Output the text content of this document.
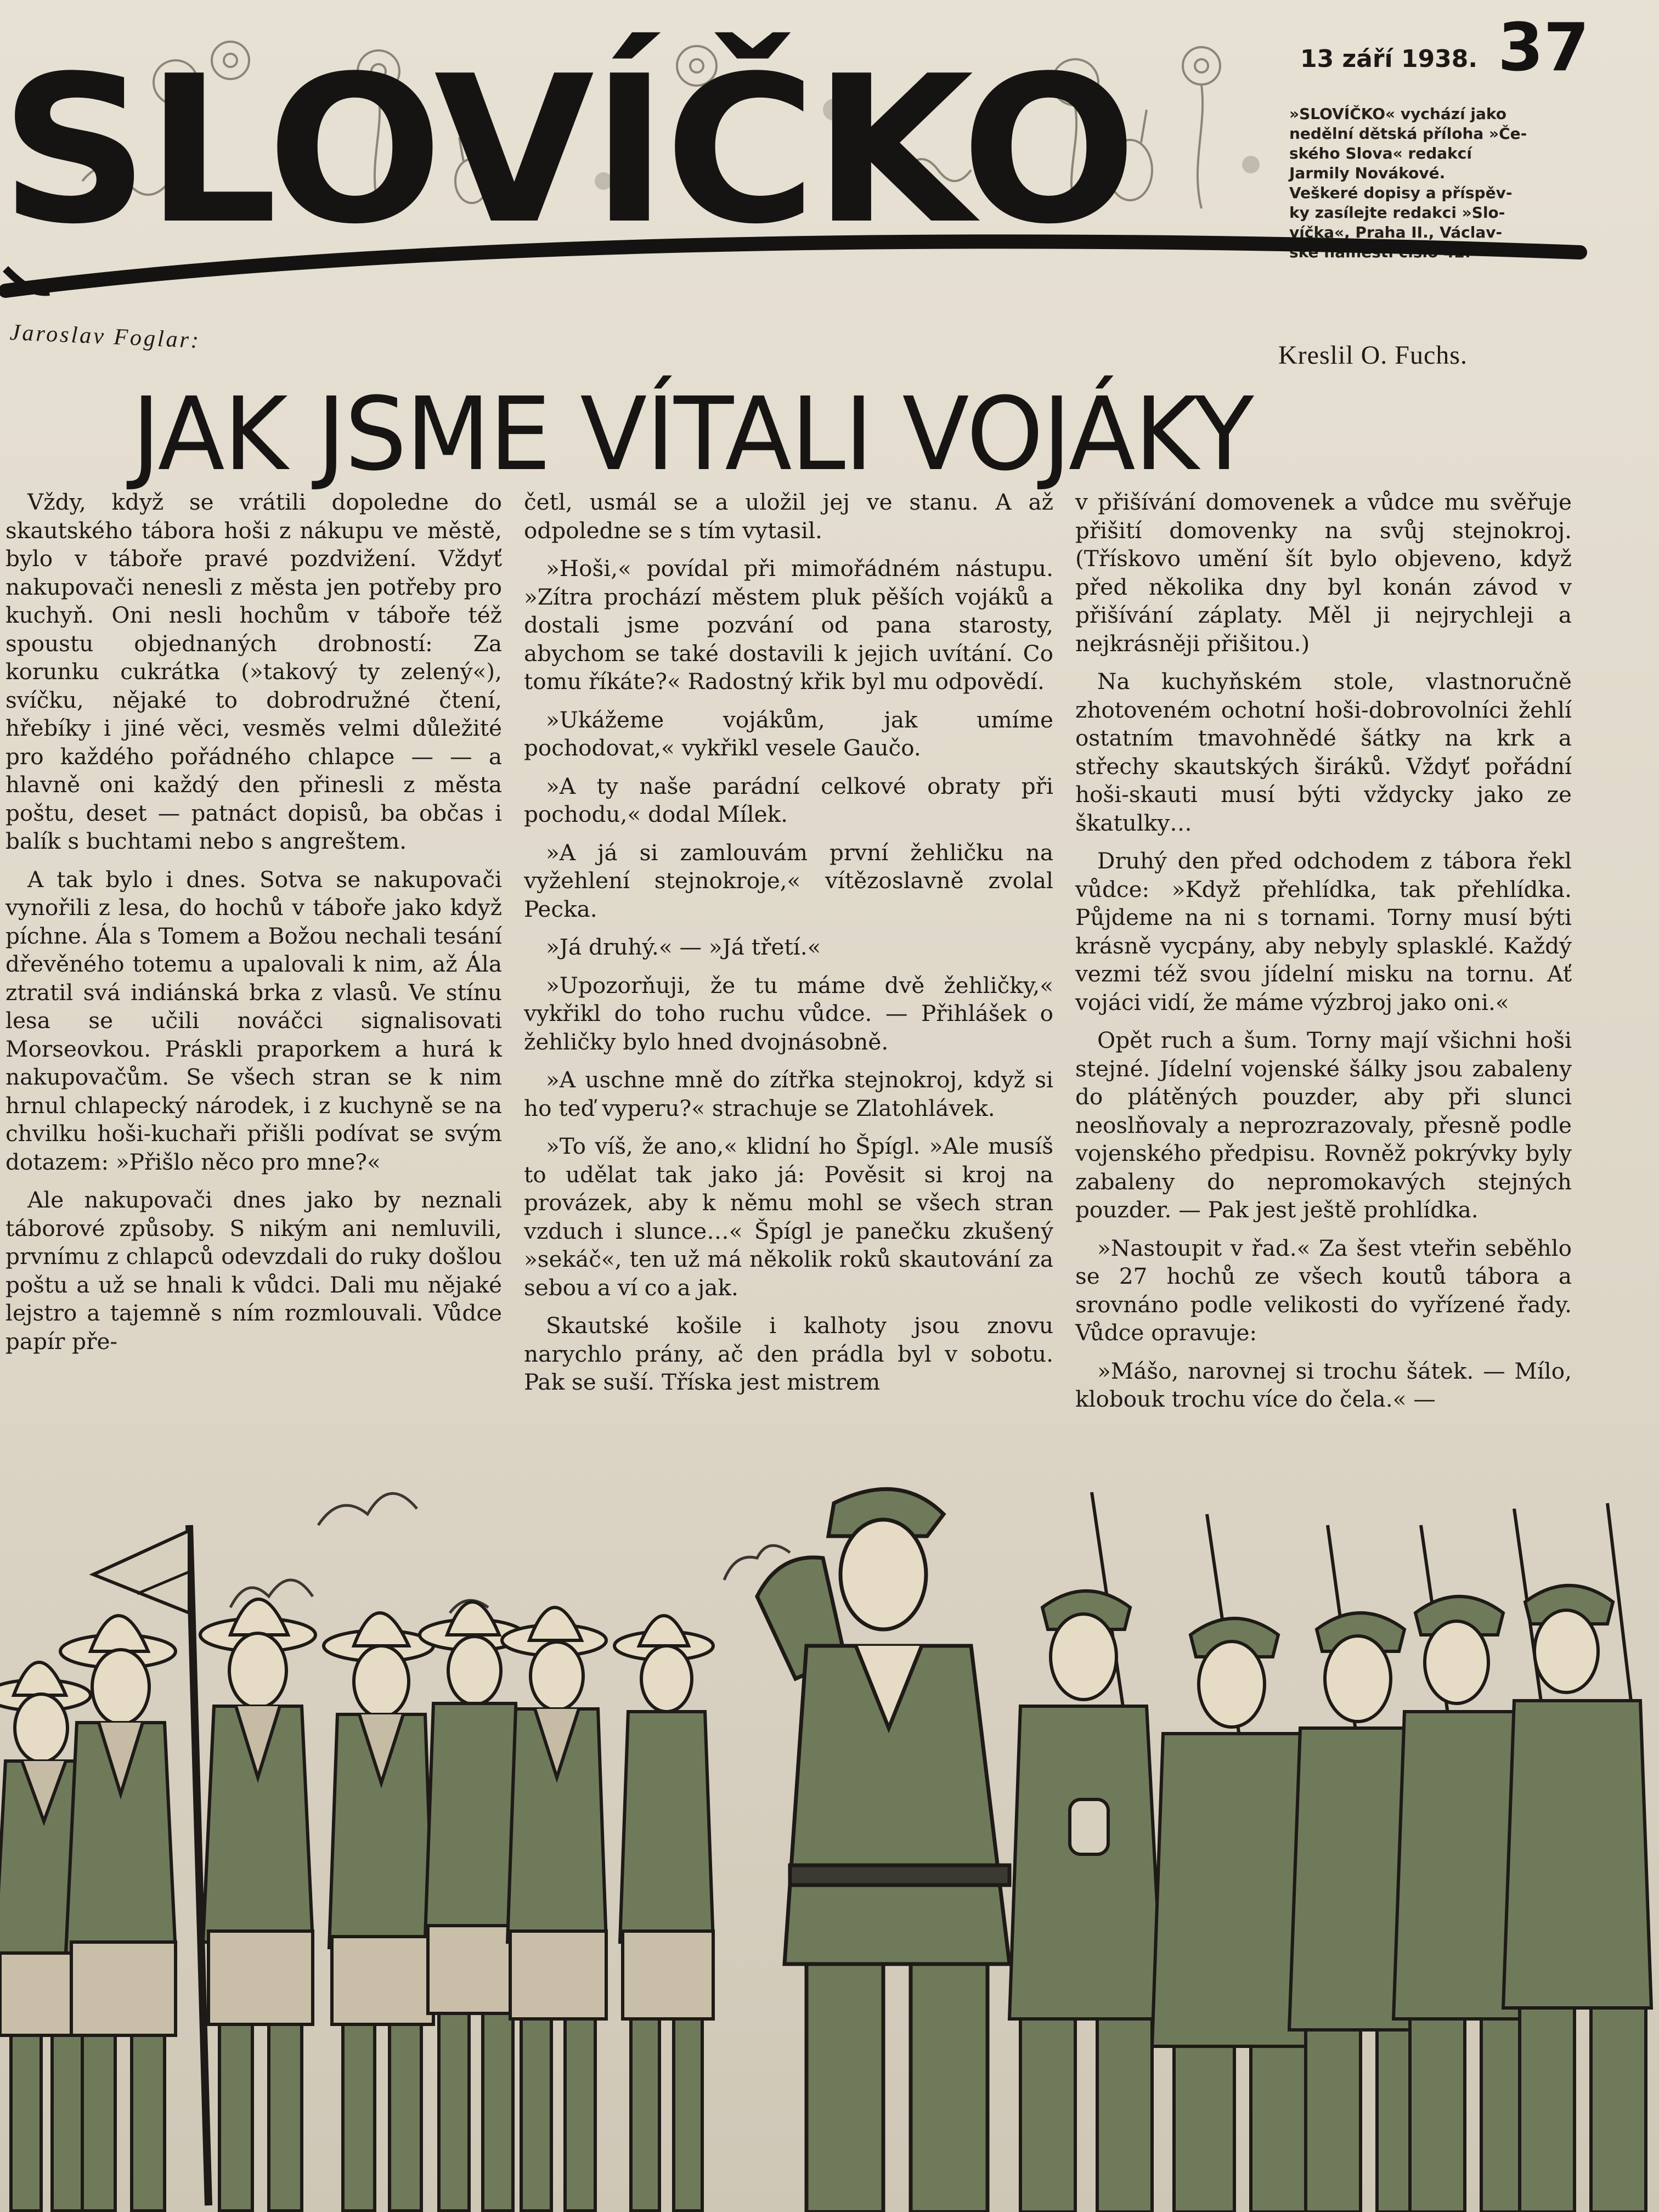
SLOVÍČKO	13 září 1938. 37

»SLOVÍČKO« vychází jako

nedělní dětská příloha »Če-

ského Slova« redakcí

Jarmily Novákové.

Veškeré dopisy a příspěv-

ky zasílejte redakci »Slo-

víčka«, Praha II., Václav-

ské náměstí číslo 42.

Jaroslav Foglar:
Kreslil O. Fuchs.
JAK JSME VÍTALI VOJÁKY

Vždy, když se vrátili dopoledne do skautského tábora hoši z nákupu ve městě, bylo v táboře pravé pozdvižení. Vždyť nakupovači nenesli z města jen potřeby pro kuchyň. Oni nesli hochům v táboře též spoustu objednaných drobností: Za korunku cukrátka (»takový ty zelený«), svíčku, nějaké to dobrodružné čtení, hřebíky i jiné věci, vesměs velmi důležité pro každého pořádného chlapce — — a hlavně oni každý den přinesli z města poštu, deset — patnáct dopisů, ba občas i balík s buchtami nebo s angreštem.

A tak bylo i dnes. Sotva se nakupovači vynořili z lesa, do hochů v táboře jako když píchne. Ála s Tomem a Božou nechali tesání dřevěného totemu a upalovali k nim, až Ála ztratil svá indiánská brka z vlasů. Ve stínu lesa se učili nováčci signalisovati Morseovkou. Práskli praporkem a hurá k nakupovačům. Se všech stran se k nim hrnul chlapecký národek, i z kuchyně se na chvilku hoši-kuchaři přišli podívat se svým dotazem: »Přišlo něco pro mne?«

Ale nakupovači dnes jako by neznali táborové způsoby. S nikým ani nemluvili, prvnímu z chlapců odevzdali do ruky došlou poštu a už se hnali k vůdci. Dali mu nějaké lejstro a tajemně s ním rozmlouvali. Vůdce papír pře-

četl, usmál se a uložil jej ve stanu. A až odpoledne se s tím vytasil.

»Hoši,« povídal při mimořádném nástupu. »Zítra prochází městem pluk pěších vojáků a dostali jsme pozvání od pana starosty, abychom se také dostavili k jejich uvítání. Co tomu říkáte?« Radostný křik byl mu odpovědí.

»Ukážeme vojákům, jak umíme pochodovat,« vykřikl vesele Gaučo.

»A ty naše parádní celkové obraty při pochodu,« dodal Mílek.

»A já si zamlouvám první žehličku na vyžehlení stejnokroje,« vítězoslavně zvolal Pecka.

»Já druhý.« — »Já třetí.«

»Upozorňuji, že tu máme dvě žehličky,« vykřikl do toho ruchu vůdce. — Přihlášek o žehličky bylo hned dvojnásobně.

»A uschne mně do zítřka stejnokroj, když si ho teď vyperu?« strachuje se Zlatohlávek.

»To víš, že ano,« klidní ho Špígl. »Ale musíš to udělat tak jako já: Pověsit si kroj na provázek, aby k němu mohl se všech stran vzduch i slunce…« Špígl je panečku zkušený »sekáč«, ten už má několik roků skautování za sebou a ví co a jak.

Skautské košile i kalhoty jsou znovu narychlo prány, ač den prádla byl v sobotu. Pak se suší. Tříska jest mistrem

v přišívání domovenek a vůdce mu svěřuje přišití domovenky na svůj stejnokroj. (Třískovo umění šít bylo objeveno, když před několika dny byl konán závod v přišívání záplaty. Měl ji nejrychleji a nejkrásněji přišitou.)

Na kuchyňském stole, vlastnoručně zhotoveném ochotní hoši-dobrovolníci žehlí ostatním tmavohnědé šátky na krk a střechy skautských širáků. Vždyť pořádní hoši-skauti musí býti vždycky jako ze škatulky…

Druhý den před odchodem z tábora řekl vůdce: »Když přehlídka, tak přehlídka. Půjdeme na ni s tornami. Torny musí býti krásně vycpány, aby nebyly splasklé. Každý vezmi též svou jídelní misku na tornu. Ať vojáci vidí, že máme výzbroj jako oni.«

Opět ruch a šum. Torny mají všichni hoši stejné. Jídelní vojenské šálky jsou zabaleny do plátěných pouzder, aby při slunci neoslňovaly a neprozrazovaly, přesně podle vojenského předpisu. Rovněž pokrývky byly zabaleny do nepromokavých stejných pouzder. — Pak jest ještě prohlídka.

»Nastoupit v řad.« Za šest vteřin seběhlo se 27 hochů ze všech koutů tábora a srovnáno podle velikosti do vyřízené řady. Vůdce opravuje:

»Mášo, narovnej si trochu šátek. — Mílo, klobouk trochu více do čela.« —
